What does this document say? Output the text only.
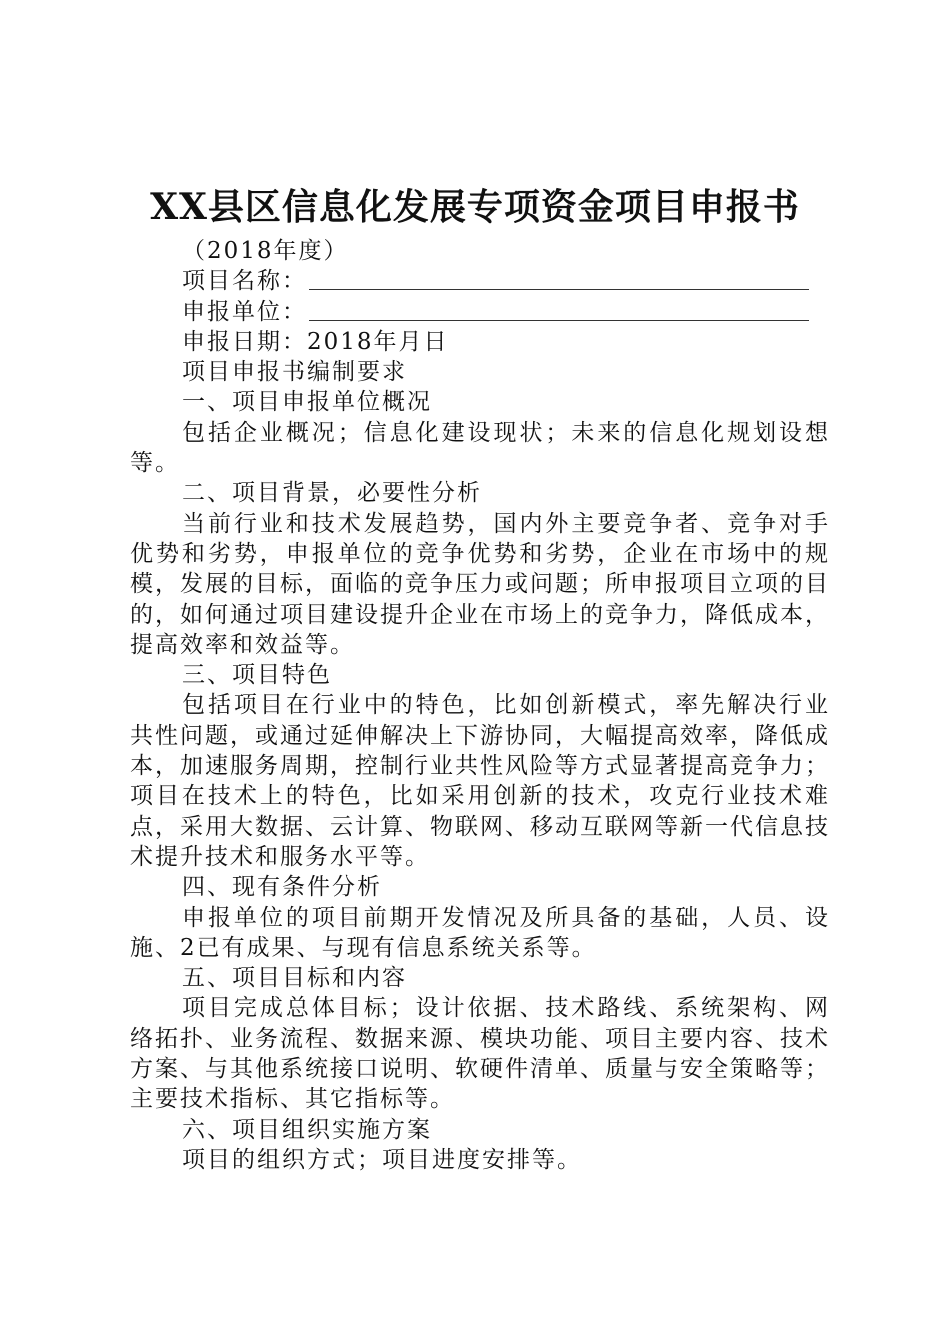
XX县区信息化发展专项资金项目申报书

（2018年度）

项目名称：

申报单位：

申报日期：2018年月日

项目申报书编制要求

一、项目申报单位概况

包括企业概况；信息化建设现状；未来的信息化规划设想等。

二、项目背景，必要性分析

当前行业和技术发展趋势，国内外主要竞争者、竞争对手优势和劣势，申报单位的竞争优势和劣势，企业在市场中的规模，发展的目标，面临的竞争压力或问题；所申报项目立项的目的，如何通过项目建设提升企业在市场上的竞争力，降低成本，提高效率和效益等。

三、项目特色

包括项目在行业中的特色，比如创新模式，率先解决行业共性问题，或通过延伸解决上下游协同，大幅提高效率，降低成本，加速服务周期，控制行业共性风险等方式显著提高竞争力；项目在技术上的特色，比如采用创新的技术，攻克行业技术难点，采用大数据、云计算、物联网、移动互联网等新一代信息技术提升技术和服务水平等。

四、现有条件分析

申报单位的项目前期开发情况及所具备的基础，人员、设施、2已有成果、与现有信息系统关系等。

五、项目目标和内容

项目完成总体目标；设计依据、技术路线、系统架构、网络拓扑、业务流程、数据来源、模块功能、项目主要内容、技术方案、与其他系统接口说明、软硬件清单、质量与安全策略等；主要技术指标、其它指标等。

六、项目组织实施方案

项目的组织方式；项目进度安排等。
